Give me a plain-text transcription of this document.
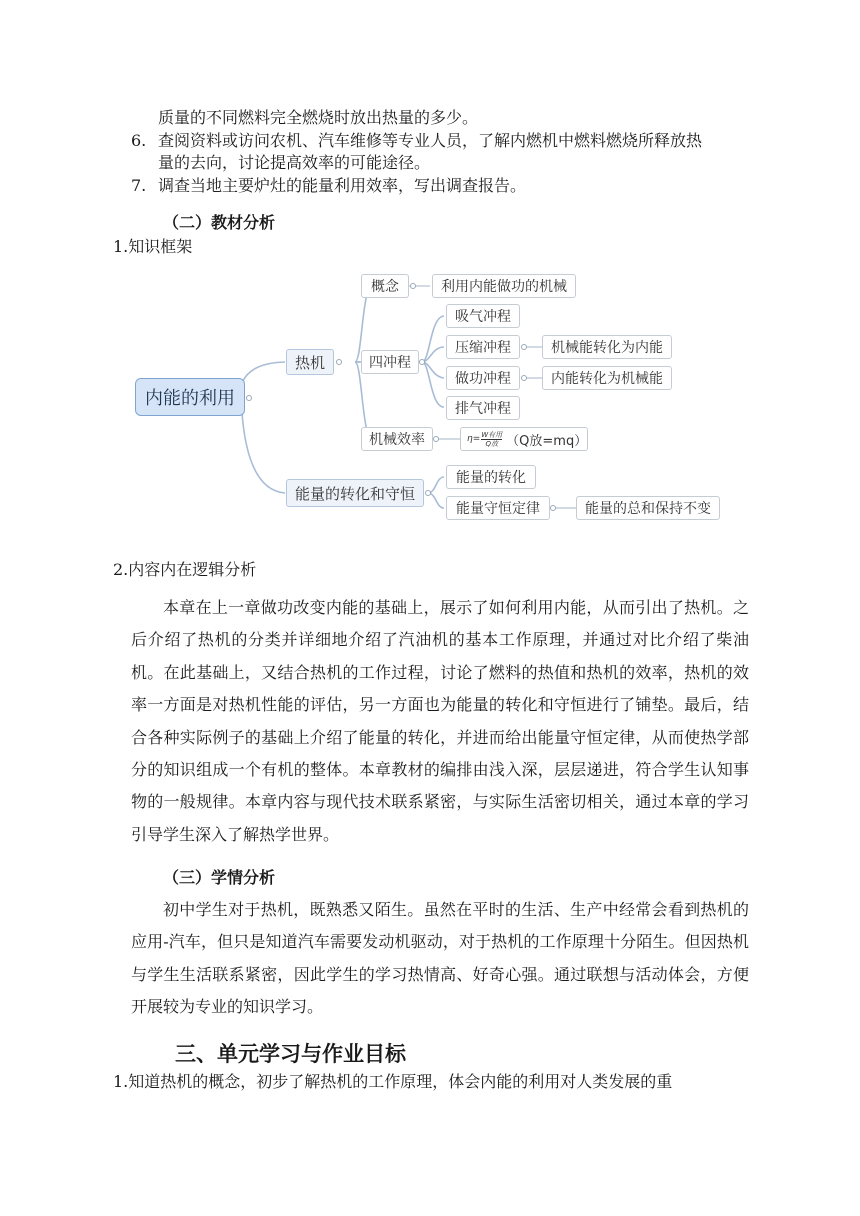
质量的不同燃料完全燃烧时放出热量的多少。
6. 查阅资料或访问农机、汽车维修等专业人员，了解内燃机中燃料燃烧所释放热
量的去向，讨论提高效率的可能途径。
7. 调查当地主要炉灶的能量利用效率，写出调查报告。
（二）教材分析
1.知识框架
内能的利用
热机
能量的转化和守恒
概念	利用内能做功的机械
四冲程
吸气冲程
压缩冲程	机械能转化为内能
做功冲程	内能转化为机械能
排气冲程
机械效率	η= W有用
Q放 （Q放=mq）
能量的转化
能量守恒定律	能量的总和保持不变
2.内容内在逻辑分析
本章在上一章做功改变内能的基础上，展示了如何利用内能，从而引出了热机。之后介绍了热机的分类并详细地介绍了汽油机的基本工作原理，并通过对比介绍了柴油机。在此基础上，又结合热机的工作过程，讨论了燃料的热值和热机的效率，热机的效率一方面是对热机性能的评估，另一方面也为能量的转化和守恒进行了铺垫。最后，结合各种实际例子的基础上介绍了能量的转化，并进而给出能量守恒定律，从而使热学部分的知识组成一个有机的整体。本章教材的编排由浅入深，层层递进，符合学生认知事物的一般规律。本章内容与现代技术联系紧密，与实际生活密切相关，通过本章的学习引导学生深入了解热学世界。
（三）学情分析
初中学生对于热机，既熟悉又陌生。虽然在平时的生活、生产中经常会看到热机的应用-汽车，但只是知道汽车需要发动机驱动，对于热机的工作原理十分陌生。但因热机与学生生活联系紧密，因此学生的学习热情高、好奇心强。通过联想与活动体会，方便开展较为专业的知识学习。
三、单元学习与作业目标
1.知道热机的概念，初步了解热机的工作原理，体会内能的利用对人类发展的重
